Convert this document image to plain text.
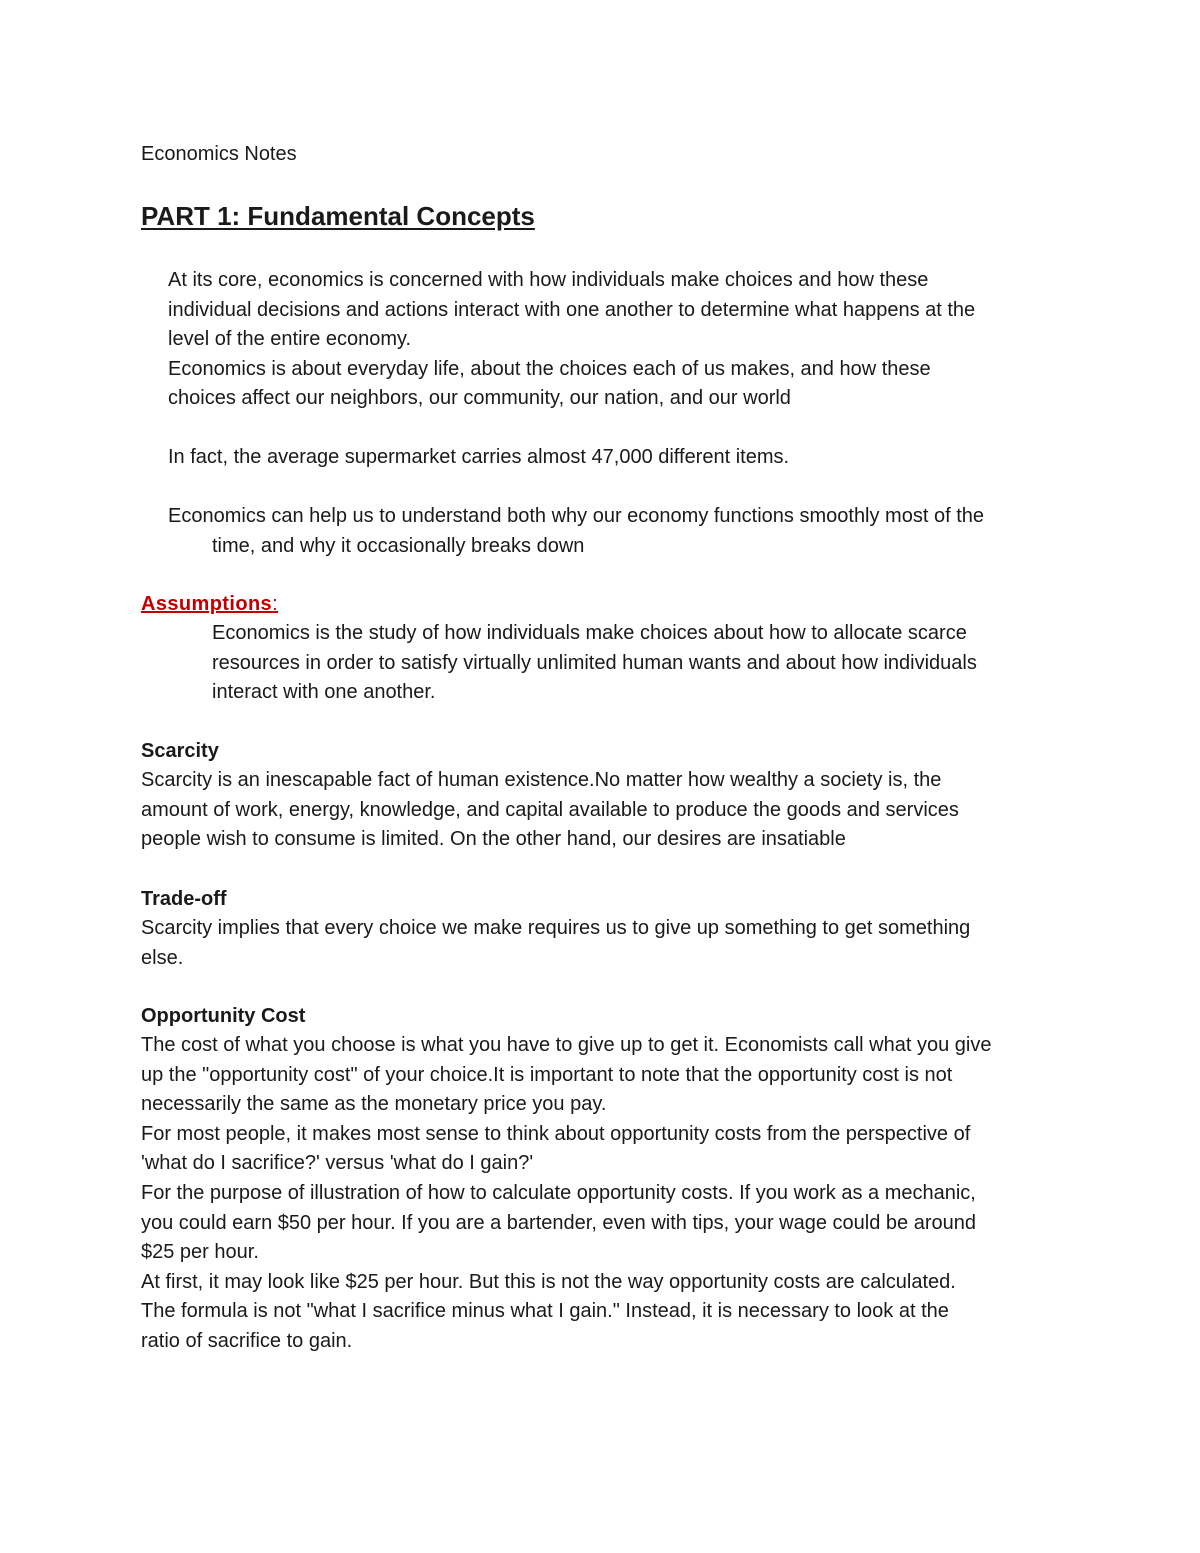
Economics Notes

PART 1: Fundamental Concepts

At its core, economics is concerned with how individuals make choices and how these
individual decisions and actions interact with one another to determine what happens at the
level of the entire economy.
Economics is about everyday life, about the choices each of us makes, and how these
choices affect our neighbors, our community, our nation, and our world

In fact, the average supermarket carries almost 47,000 different items.

Economics can help us to understand both why our economy functions smoothly most of the
time, and why it occasionally breaks down

Assumptions:

Economics is the study of how individuals make choices about how to allocate scarce
resources in order to satisfy virtually unlimited human wants and about how individuals
interact with one another.

Scarcity

Scarcity is an inescapable fact of human existence.No matter how wealthy a society is, the
amount of work, energy, knowledge, and capital available to produce the goods and services
people wish to consume is limited. On the other hand, our desires are insatiable

Trade-off

Scarcity implies that every choice we make requires us to give up something to get something
else.

Opportunity Cost

The cost of what you choose is what you have to give up to get it. Economists call what you give
up the "opportunity cost" of your choice.It is important to note that the opportunity cost is not
necessarily the same as the monetary price you pay.
For most people, it makes most sense to think about opportunity costs from the perspective of
'what do I sacrifice?' versus 'what do I gain?'
For the purpose of illustration of how to calculate opportunity costs. If you work as a mechanic,
you could earn $50 per hour. If you are a bartender, even with tips, your wage could be around
$25 per hour.
At first, it may look like $25 per hour. But this is not the way opportunity costs are calculated.
The formula is not "what I sacrifice minus what I gain." Instead, it is necessary to look at the
ratio of sacrifice to gain.
